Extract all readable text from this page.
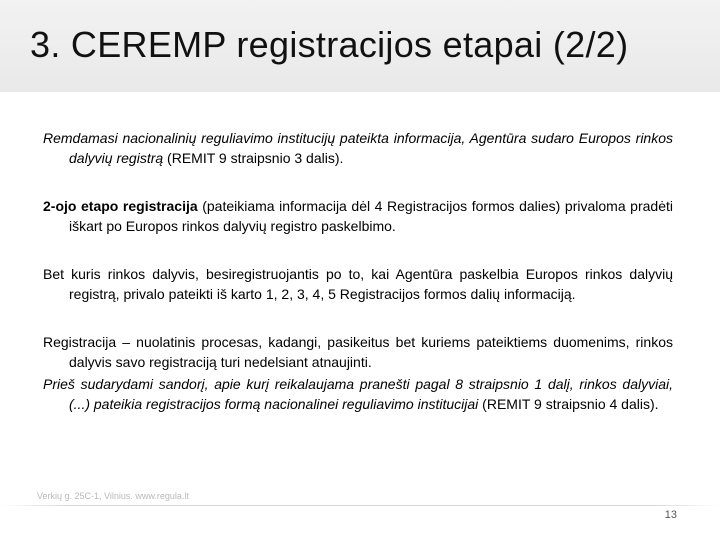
3. CEREMP registracijos etapai (2/2)

Remdamasi nacionalinių reguliavimo institucijų pateikta informacija, Agentūra sudaro Europos rinkos dalyvių registrą (REMIT 9 straipsnio 3 dalis).

2-ojo etapo registracija (pateikiama informacija dėl 4 Registracijos formos dalies) privaloma pradėti iškart po Europos rinkos dalyvių registro paskelbimo.

Bet kuris rinkos dalyvis, besiregistruojantis po to, kai Agentūra paskelbia Europos rinkos dalyvių registrą, privalo pateikti iš karto 1, 2, 3, 4, 5 Registracijos formos dalių informaciją.

Registracija – nuolatinis procesas, kadangi, pasikeitus bet kuriems pateiktiems duomenims, rinkos dalyvis savo registraciją turi nedelsiant atnaujinti.

Prieš sudarydami sandorį, apie kurį reikalaujama pranešti pagal 8 straipsnio 1 dalį, rinkos dalyviai, (...) pateikia registracijos formą nacionalinei reguliavimo institucijai (REMIT 9 straipsnio 4 dalis).

Verkių g. 25C-1, Vilnius. www.regula.lt
13
